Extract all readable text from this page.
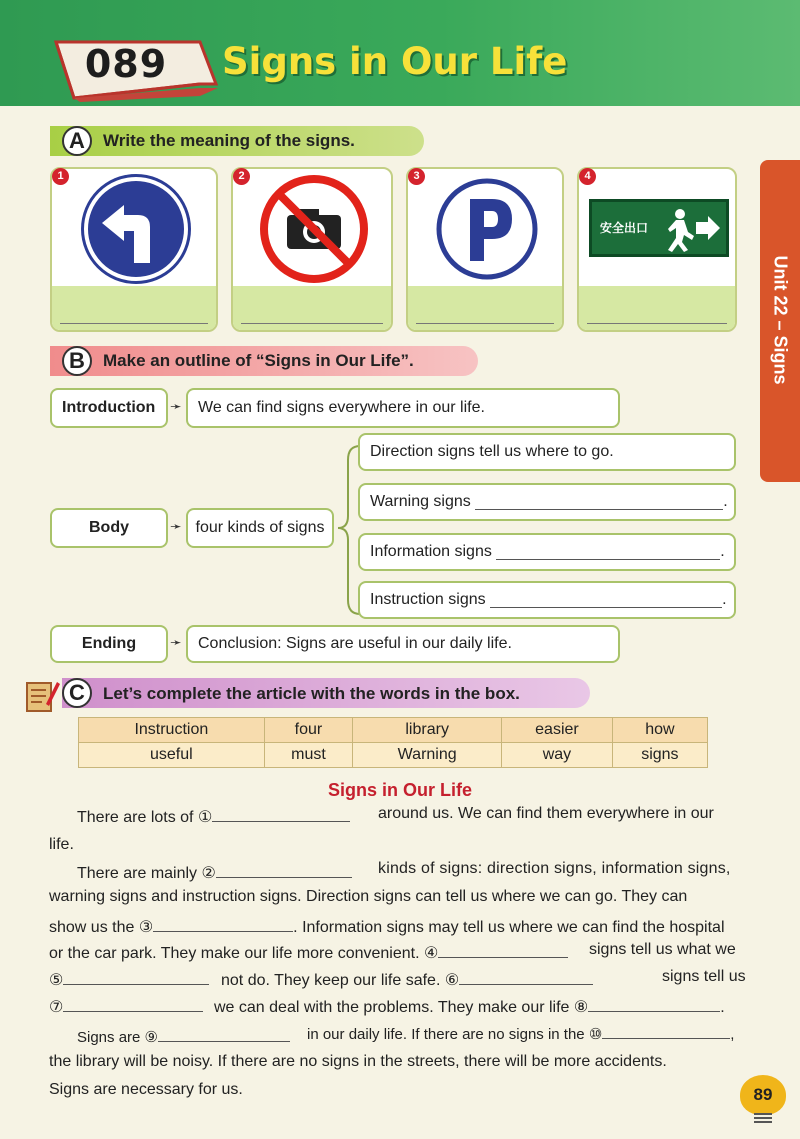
089	Signs in Our Life
Unit 22 – Signs
A	Write the meaning of the signs.
1	2	3
安全出口
4
B	Make an outline of “Signs in Our Life”.
Introduction ➛ We can find signs everywhere in our life.
Body	➛ four kinds of signs
Direction signs tell us where to go.
Warning signs
	.
Information signs
	.
Instruction signs
	.
Ending ➛ Conclusion: Signs are useful in our daily life.
C	Let’s complete the article with the words in the box.
Instruction	four	library	easier	how
useful	must	Warning	way	signs
Signs in Our Life
There are lots of ①	around us. We can find them everywhere in our
life.
There are mainly ②	kinds of signs: direction signs, information signs,
warning signs and instruction signs. Direction signs can tell us where we can go. They can
show us the ③	. Information signs may tell us where we can find the hospital
or the car park. They make our life more convenient. ④	signs tell us what we
⑤	not do. They keep our life safe. ⑥	signs tell us
⑦	we can deal with the problems. They make our life ⑧	.
Signs are ⑨	in our daily life. If there are no signs in the ⑩	,
the library will be noisy. If there are no signs in the streets, there will be more accidents.
Signs are necessary for us.	89
